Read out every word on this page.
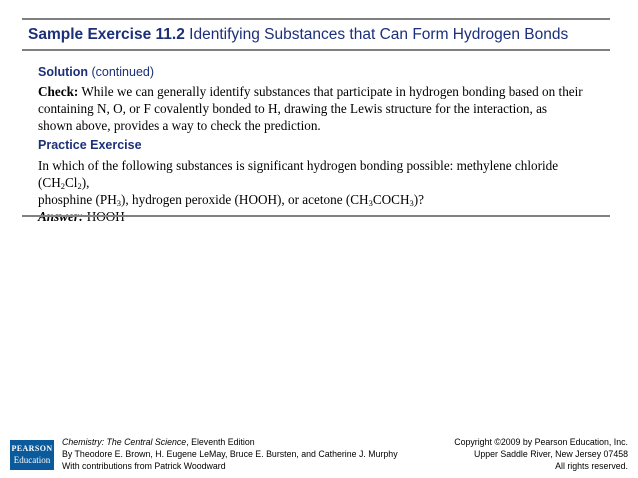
Sample Exercise 11.2 Identifying Substances that Can Form Hydrogen Bonds
Solution (continued)
Check: While we can generally identify substances that participate in hydrogen bonding based on their containing N, O, or F covalently bonded to H, drawing the Lewis structure for the interaction, as shown above, provides a way to check the prediction.
Practice Exercise
In which of the following substances is significant hydrogen bonding possible: methylene chloride $(CH_2Cl_2)$,
phosphine $(PH_3)$, hydrogen peroxide (HOOH), or acetone $(CH_3COCH_3)$?

PEARSON
Education
Chemistry: The Central Science, Eleventh Edition
By Theodore E. Brown, H. Eugene LeMay, Bruce E. Bursten, and Catherine J. Murphy
With contributions from Patrick Woodward
Copyright ©2009 by Pearson Education, Inc.
Upper Saddle River, New Jersey 07458
All rights reserved.
